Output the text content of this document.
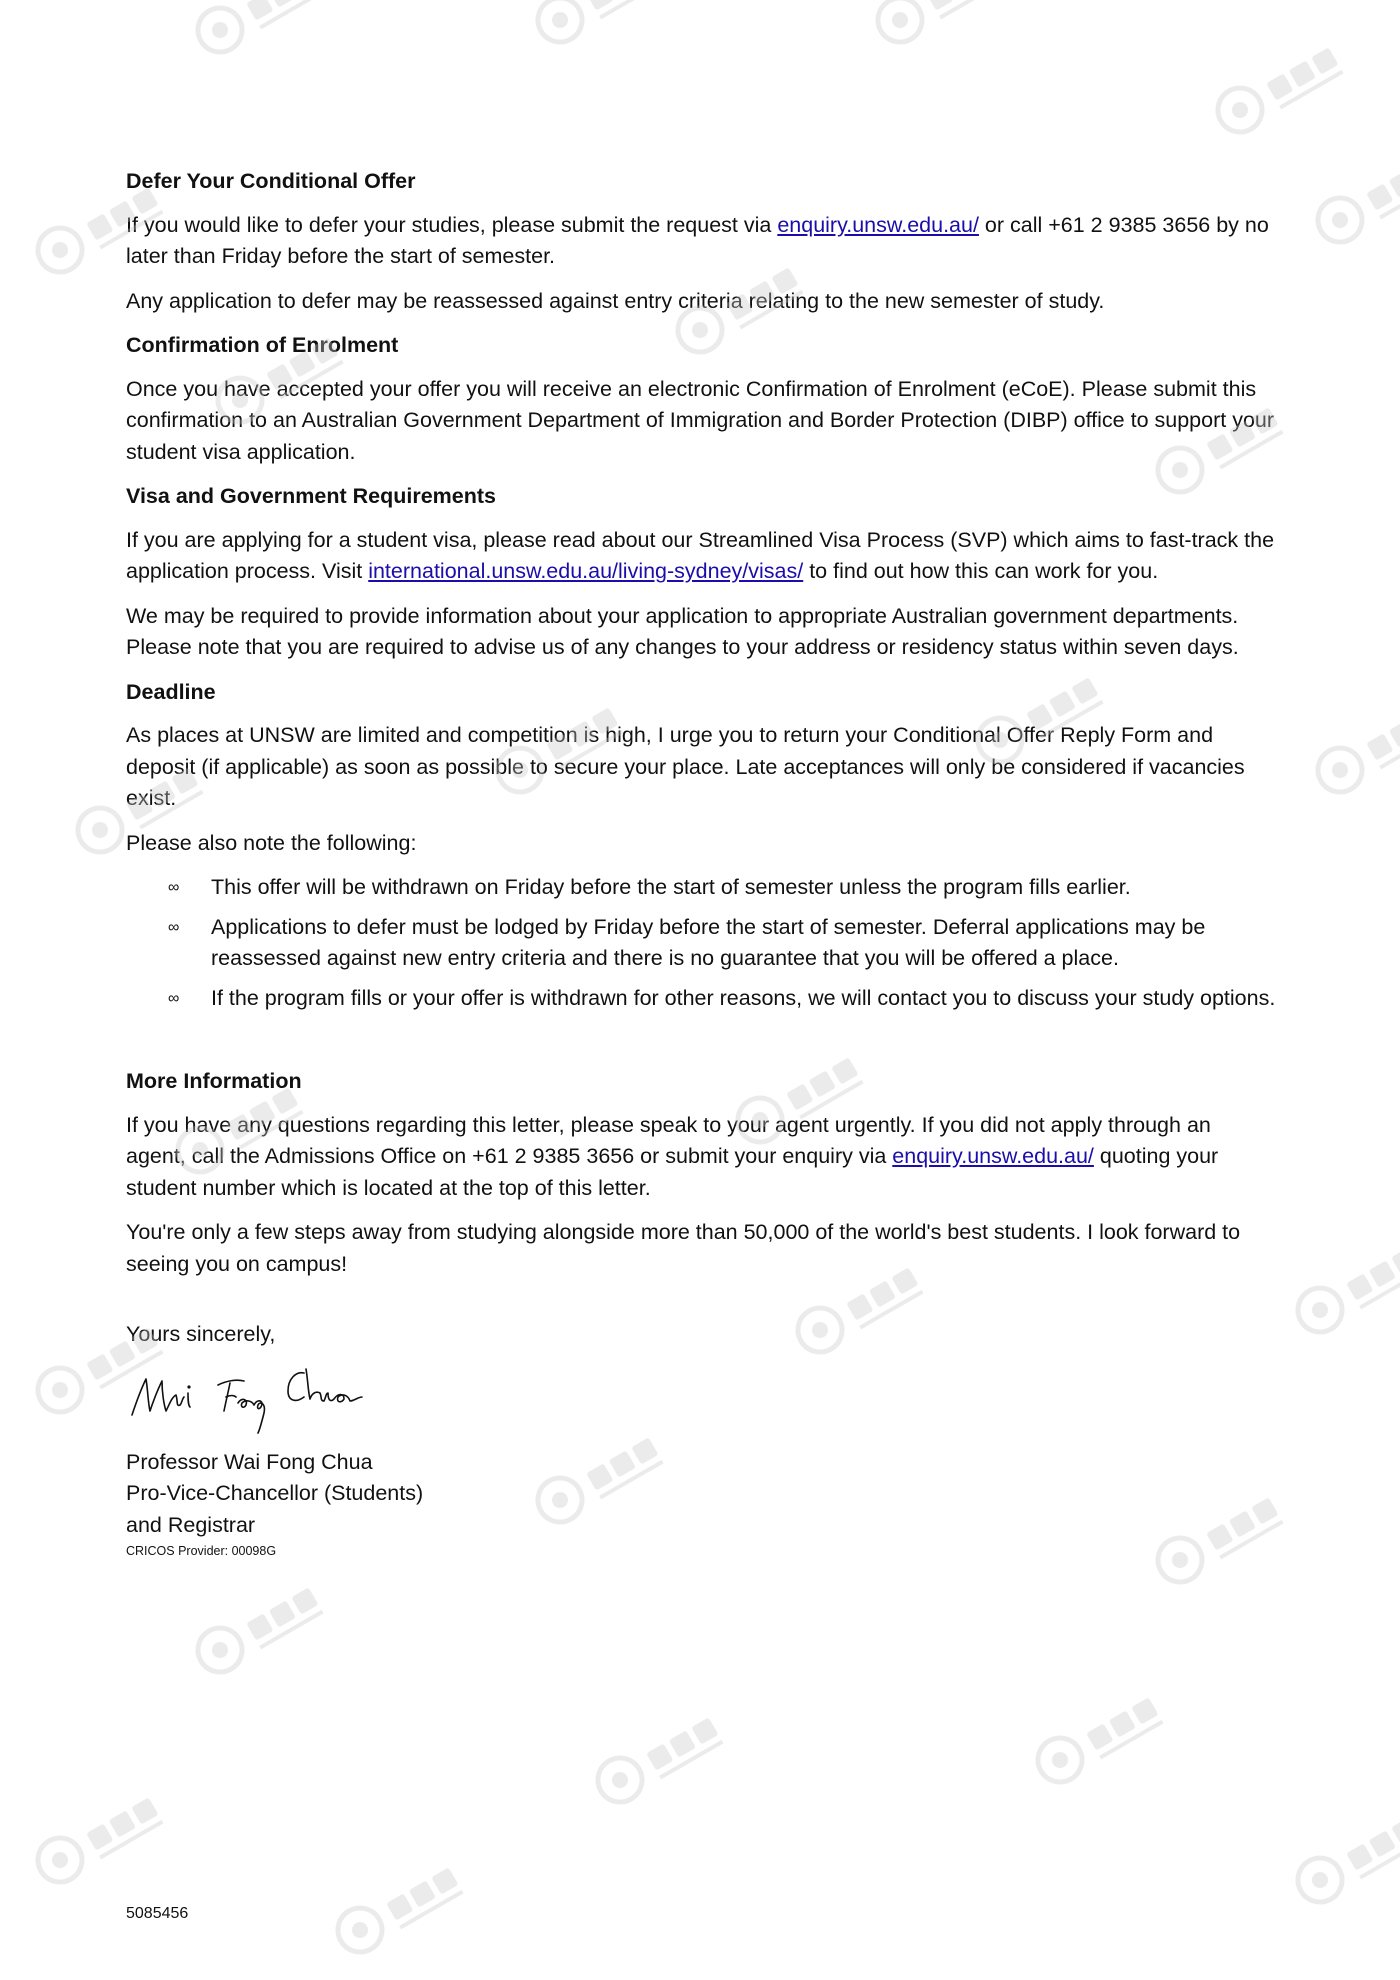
Defer Your Conditional Offer

If you would like to defer your studies, please submit the request via enquiry.unsw.edu.au/ or call +61 2 9385 3656 by no later than Friday before the start of semester.

Any application to defer may be reassessed against entry criteria relating to the new semester of study.

Confirmation of Enrolment

Once you have accepted your offer you will receive an electronic Confirmation of Enrolment (eCoE). Please submit this confirmation to an Australian Government Department of Immigration and Border Protection (DIBP) office to support your student visa application.

Visa and Government Requirements

If you are applying for a student visa, please read about our Streamlined Visa Process (SVP) which aims to fast-track the application process. Visit international.unsw.edu.au/living-sydney/visas/ to find out how this can work for you.

We may be required to provide information about your application to appropriate Australian government departments. Please note that you are required to advise us of any changes to your address or residency status within seven days.

Deadline

As places at UNSW are limited and competition is high, I urge you to return your Conditional Offer Reply Form and deposit (if applicable) as soon as possible to secure your place. Late acceptances will only be considered if vacancies exist.

Please also note the following:

∞ This offer will be withdrawn on Friday before the start of semester unless the program fills earlier.
∞ Applications to defer must be lodged by Friday before the start of semester. Deferral applications may be reassessed against new entry criteria and there is no guarantee that you will be offered a place.
∞ If the program fills or your offer is withdrawn for other reasons, we will contact you to discuss your study options.
More Information

If you have any questions regarding this letter, please speak to your agent urgently. If you did not apply through an agent, call the Admissions Office on +61 2 9385 3656 or submit your enquiry via enquiry.unsw.edu.au/ quoting your student number which is located at the top of this letter.

You're only a few steps away from studying alongside more than 50,000 of the world's best students. I look forward to seeing you on campus!

Yours sincerely,

Professor Wai Fong Chua

Pro-Vice-Chancellor (Students)

and Registrar

CRICOS Provider: 00098G
5085456
